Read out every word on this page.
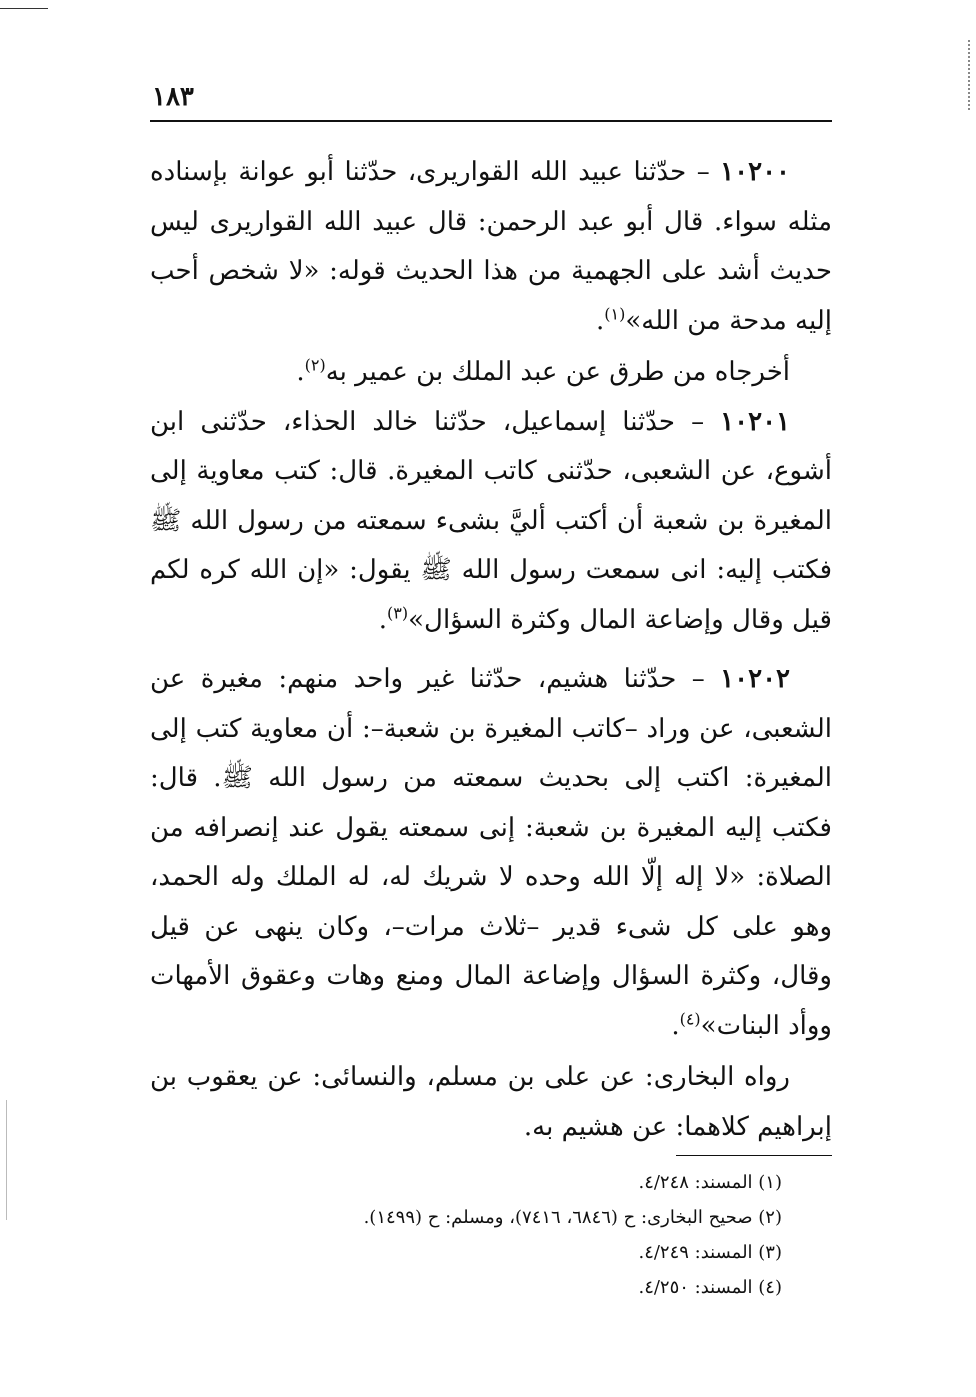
١٨٣

١٠٢٠٠ – حدّثنا عبيد الله القواريرى، حدّثنا أبو عوانة بإسناده مثله سواء. قال أبو عبد الرحمن: قال عبيد الله القواريرى ليس حديث أشد على الجهمية من هذا الحديث قوله: «لا شخص أحب إليه مدحة من الله»$^{(١)}$.

أخرجاه من طرق عن عبد الملك بن عمير به$^{(٢)}$.

١٠٢٠١ – حدّثنا إسماعيل، حدّثنا خالد الحذاء، حدّثنى ابن أشوع، عن الشعبى، حدّثنى كاتب المغيرة. قال: كتب معاوية إلى المغيرة بن شعبة أن أكتب أليَّ بشىء سمعته من رسول الله ﷺ فكتب إليه: انى سمعت رسول الله ﷺ يقول: «إن الله كره لكم قيل وقال وإضاعة المال وكثرة السؤال»$^{(٣)}$.

١٠٢٠٢ – حدّثنا هشيم، حدّثنا غير واحد منهم: مغيرة عن الشعبى، عن وراد –كاتب المغيرة بن شعبة–: أن معاوية كتب إلى المغيرة: اكتب إلى بحديث سمعته من رسول الله ﷺ. قال: فكتب إليه المغيرة بن شعبة: إنى سمعته يقول عند إنصرافه من الصلاة: «لا إله إلّا الله وحده لا شريك له، له الملك وله الحمد، وهو على كل شىء قدير –ثلاث مرات–، وكان ينهى عن قيل وقال، وكثرة السؤال وإضاعة المال ومنع وهات وعقوق الأمهات ووأد البنات»$^{(٤)}$.

رواه البخارى: عن على بن مسلم، والنسائى: عن يعقوب بن إبراهيم كلاهما: عن هشيم به.

(١) المسند: ٤/٢٤٨.
(٢) صحيح البخارى: ح (٦٨٤٦، ٧٤١٦)، ومسلم: ح (١٤٩٩).
(٣) المسند: ٤/٢٤٩.
(٤) المسند: ٤/٢٥٠.
